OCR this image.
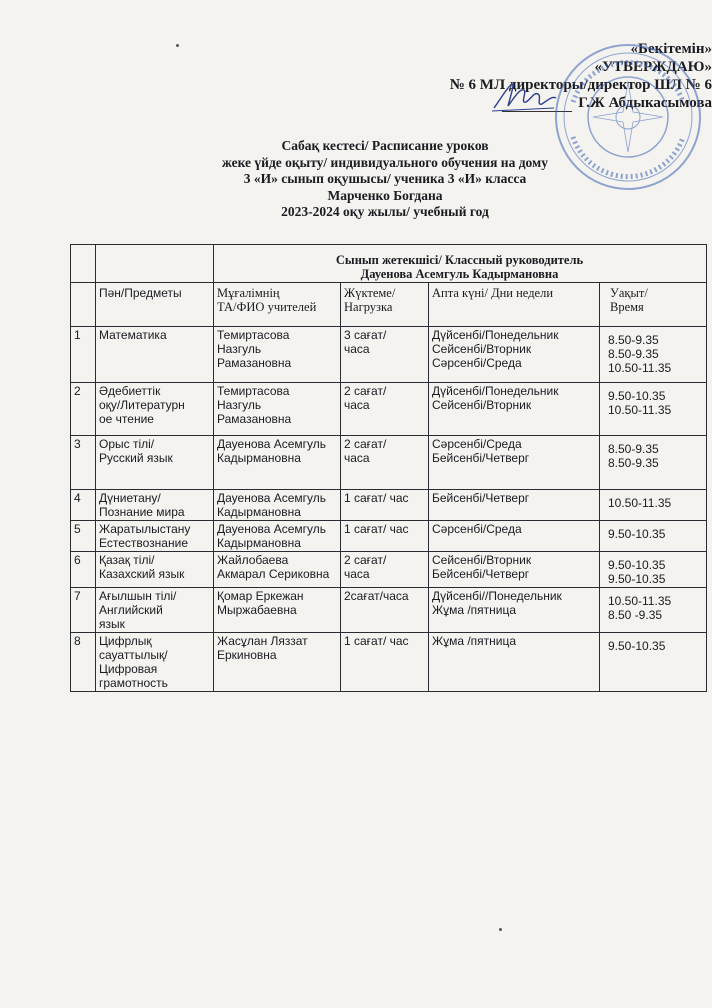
«Бекітемін»
«УТВЕРЖДАЮ»
№ 6 МЛ директоры/директор ШЛ № 6
Г.Ж Абдыкасымова
Сабақ кестесі/ Расписание уроков
жеке үйде оқыту/ индивидуального обучения на дому
3 «И» сынып оқушысы/ ученика 3 «И» класса
Марченко Богдана
2023-2024 оқу жылы/ учебный год

		Сынып жетекшісі/ Классный руководитель
Дауенова Асемгуль Кадырмановна			

	Пән/Предметы	Мұғалімнің
ТА/ФИО учителей	Жүктеме/
Нагрузка	Апта күні/ Дни недели	Уақыт/
Время

1	Математика	Темиртасова
Назгуль
Рамазановна	3 сағат/
часа	Дүйсенбі/Понедельник
Сейсенбі/Вторник
Сәрсенбі/Среда	8.50-9.35
8.50-9.35
10.50-11.35

2	Әдебиеттік
оқу/Литературн
ое чтение	Темиртасова
Назгуль
Рамазановна	2 сағат/
часа	Дүйсенбі/Понедельник
Сейсенбі/Вторник	9.50-10.35
10.50-11.35

3	Орыс тілі/
Русский язык	Дауенова Асемгуль
Кадырмановна	2 сағат/
часа	Сәрсенбі/Среда
Бейсенбі/Четверг	8.50-9.35
8.50-9.35

4	Дүниетану/
Познание мира	Дауенова Асемгуль
Кадырмановна	1 сағат/ час	Бейсенбі/Четверг	10.50-11.35

5	Жаратылыстану
Естествознание	Дауенова Асемгуль
Кадырмановна	1 сағат/ час	Сәрсенбі/Среда	9.50-10.35

6	Қазақ тілі/
Казахский язык	Жайлобаева
Акмарал Сериковна	2 сағат/
часа	Сейсенбі/Вторник
Бейсенбі/Четверг	9.50-10.35
9.50-10.35

7	Ағылшын тілі/
Английский
язык	Қомар Еркежан
Мыржабаевна	2сағат/часа	Дүйсенбі//Понедельник
Жұма /пятница	10.50-11.35
8.50 -9.35

8	Цифрлық
сауаттылық/
Цифровая
грамотность	Жасұлан Ляззат
Еркиновна	1 сағат/ час	Жұма /пятница	9.50-10.35
